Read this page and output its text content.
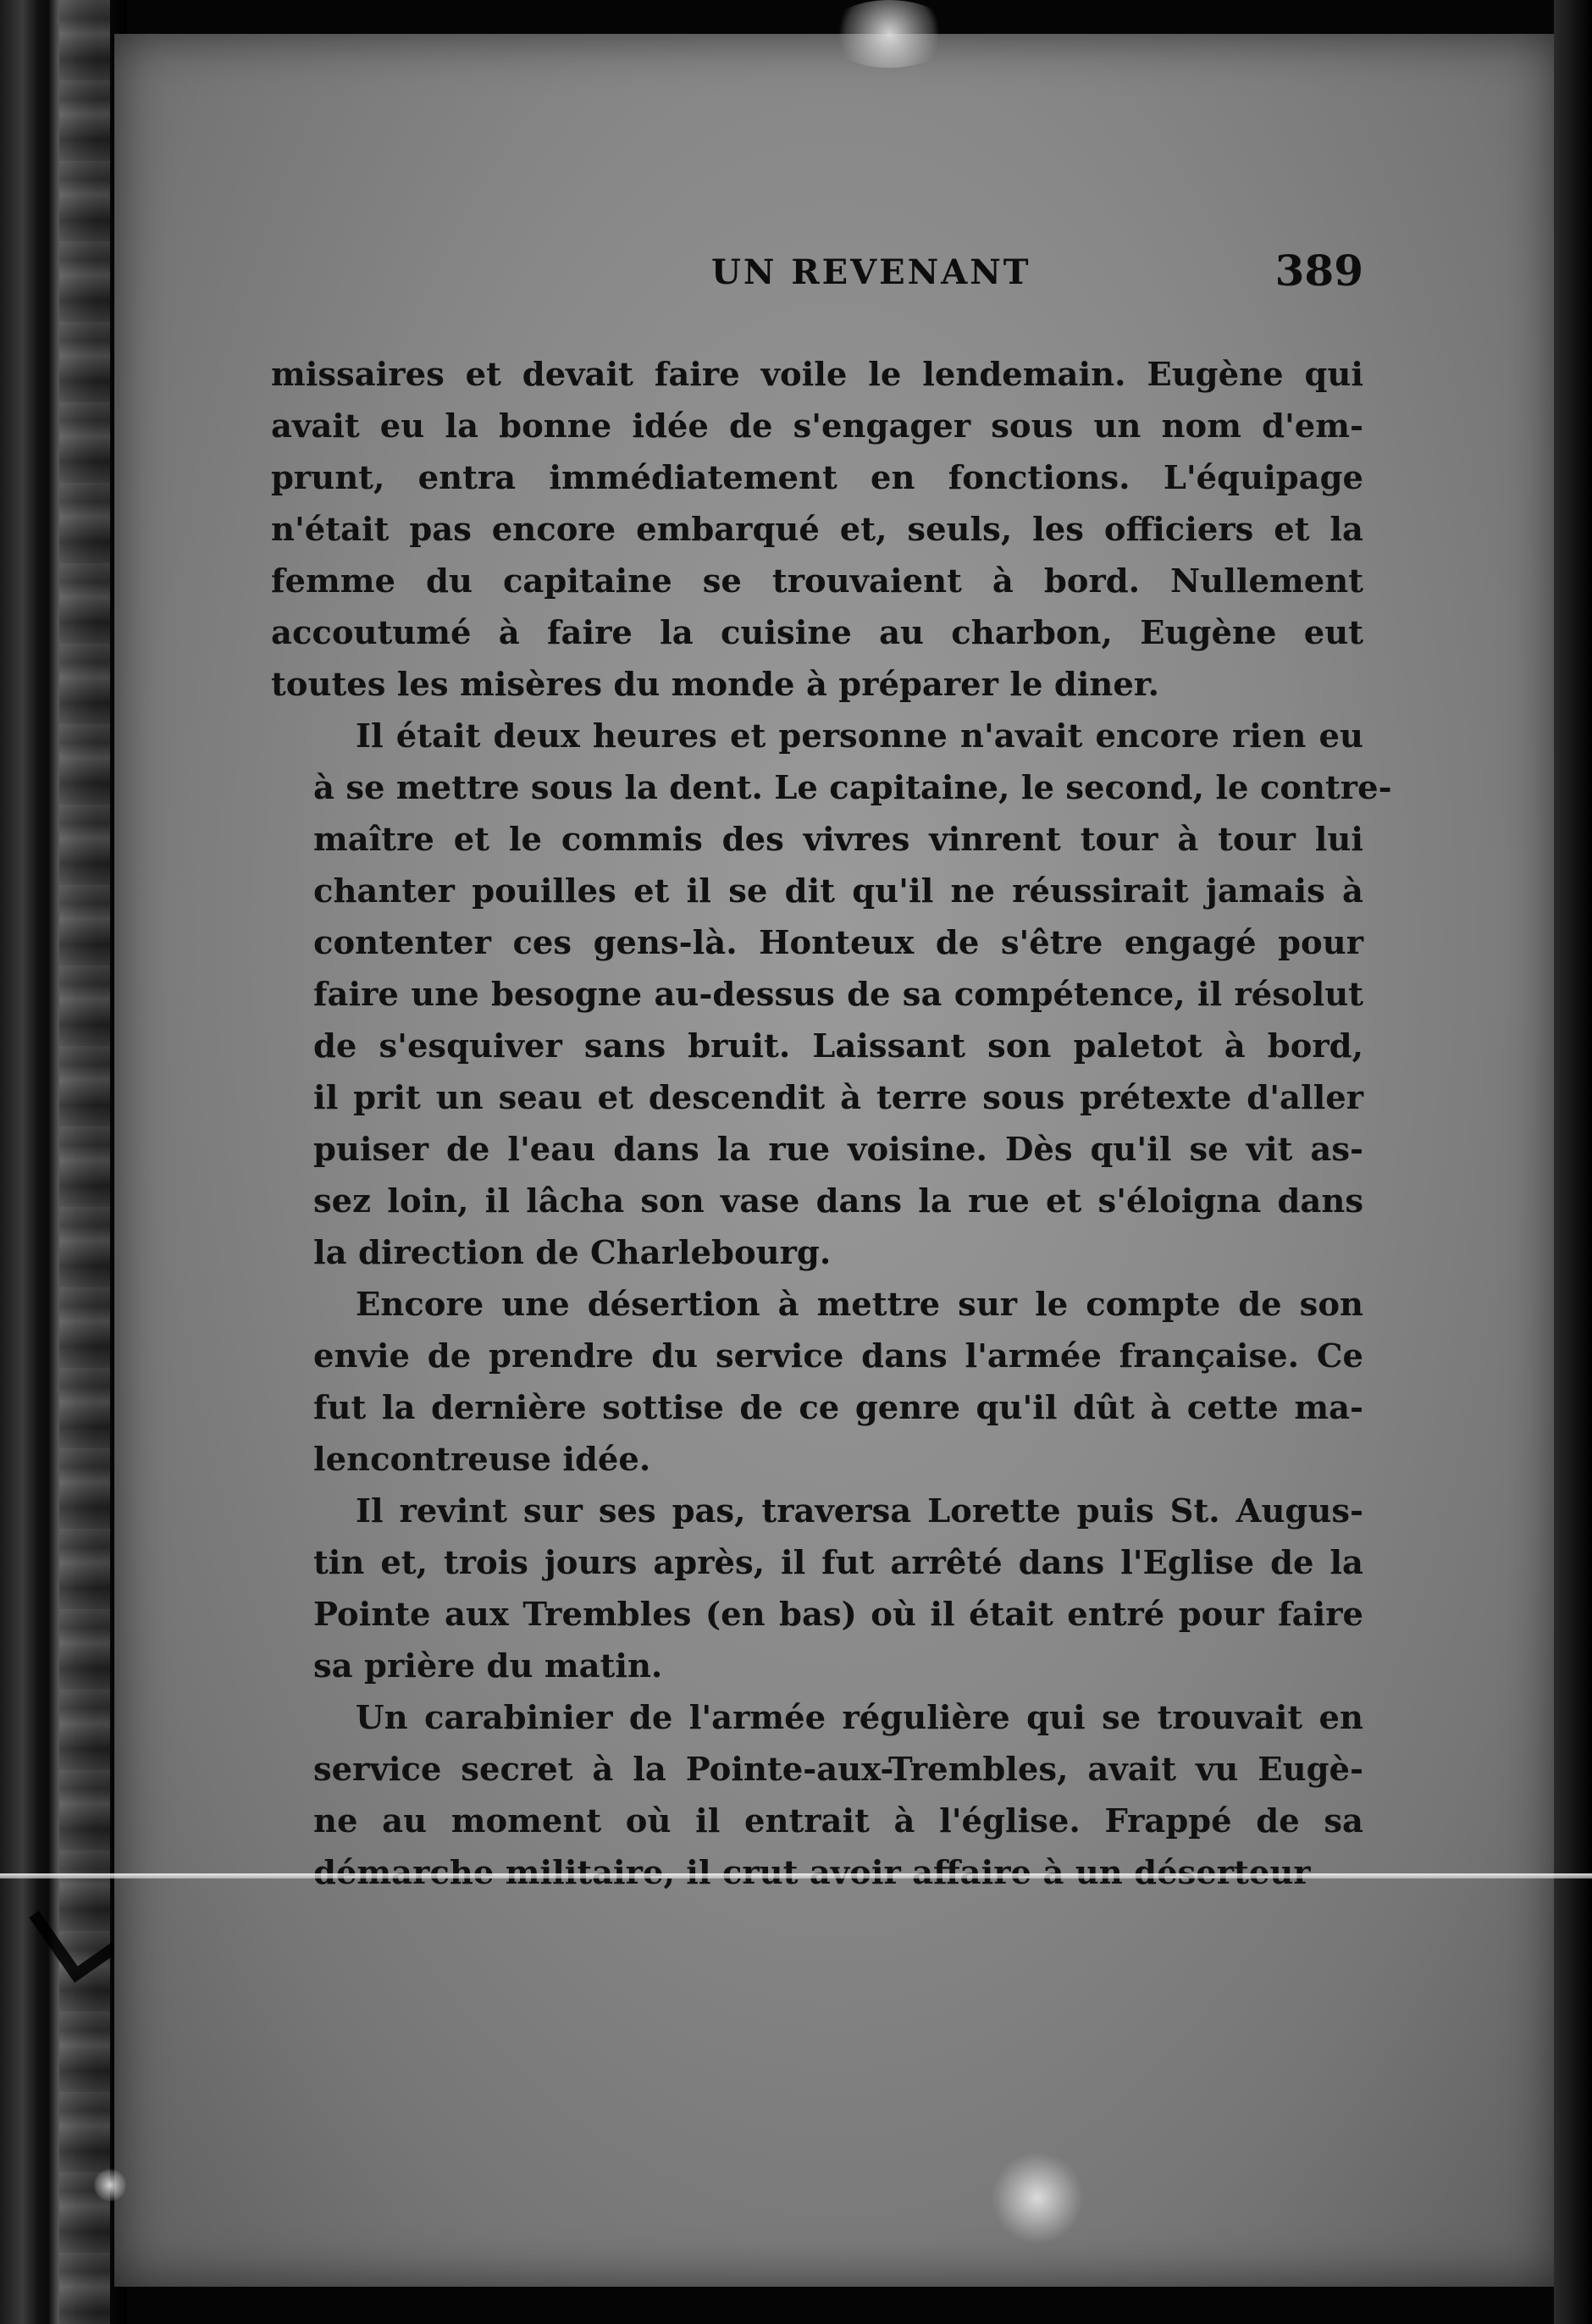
UN REVENANT	389
missaires et devait faire voile le lendemain. Eugène qui
avait eu la bonne idée de s'engager sous un nom d'em-
prunt, entra immédiatement en fonctions. L'équipage
n'était pas encore embarqué et, seuls, les officiers et la
femme du capitaine se trouvaient à bord. Nullement
accoutumé à faire la cuisine au charbon, Eugène eut
toutes les misères du monde à préparer le diner.
Il était deux heures et personne n'avait encore rien eu
à se mettre sous la dent. Le capitaine, le second, le contre-
maître et le commis des vivres vinrent tour à tour lui
chanter pouilles et il se dit qu'il ne réussirait jamais à
contenter ces gens-là. Honteux de s'être engagé pour
faire une besogne au-dessus de sa compétence, il résolut
de s'esquiver sans bruit. Laissant son paletot à bord,
il prit un seau et descendit à terre sous prétexte d'aller
puiser de l'eau dans la rue voisine. Dès qu'il se vit as-
sez loin, il lâcha son vase dans la rue et s'éloigna dans
la direction de Charlebourg.
Encore une désertion à mettre sur le compte de son
envie de prendre du service dans l'armée française. Ce
fut la dernière sottise de ce genre qu'il dût à cette ma-
lencontreuse idée.
Il revint sur ses pas, traversa Lorette puis St. Augus-
tin et, trois jours après, il fut arrêté dans l'Eglise de la
Pointe aux Trembles (en bas) où il était entré pour faire
sa prière du matin.
Un carabinier de l'armée régulière qui se trouvait en
service secret à la Pointe-aux-Trembles, avait vu Eugè-
ne au moment où il entrait à l'église. Frappé de sa
